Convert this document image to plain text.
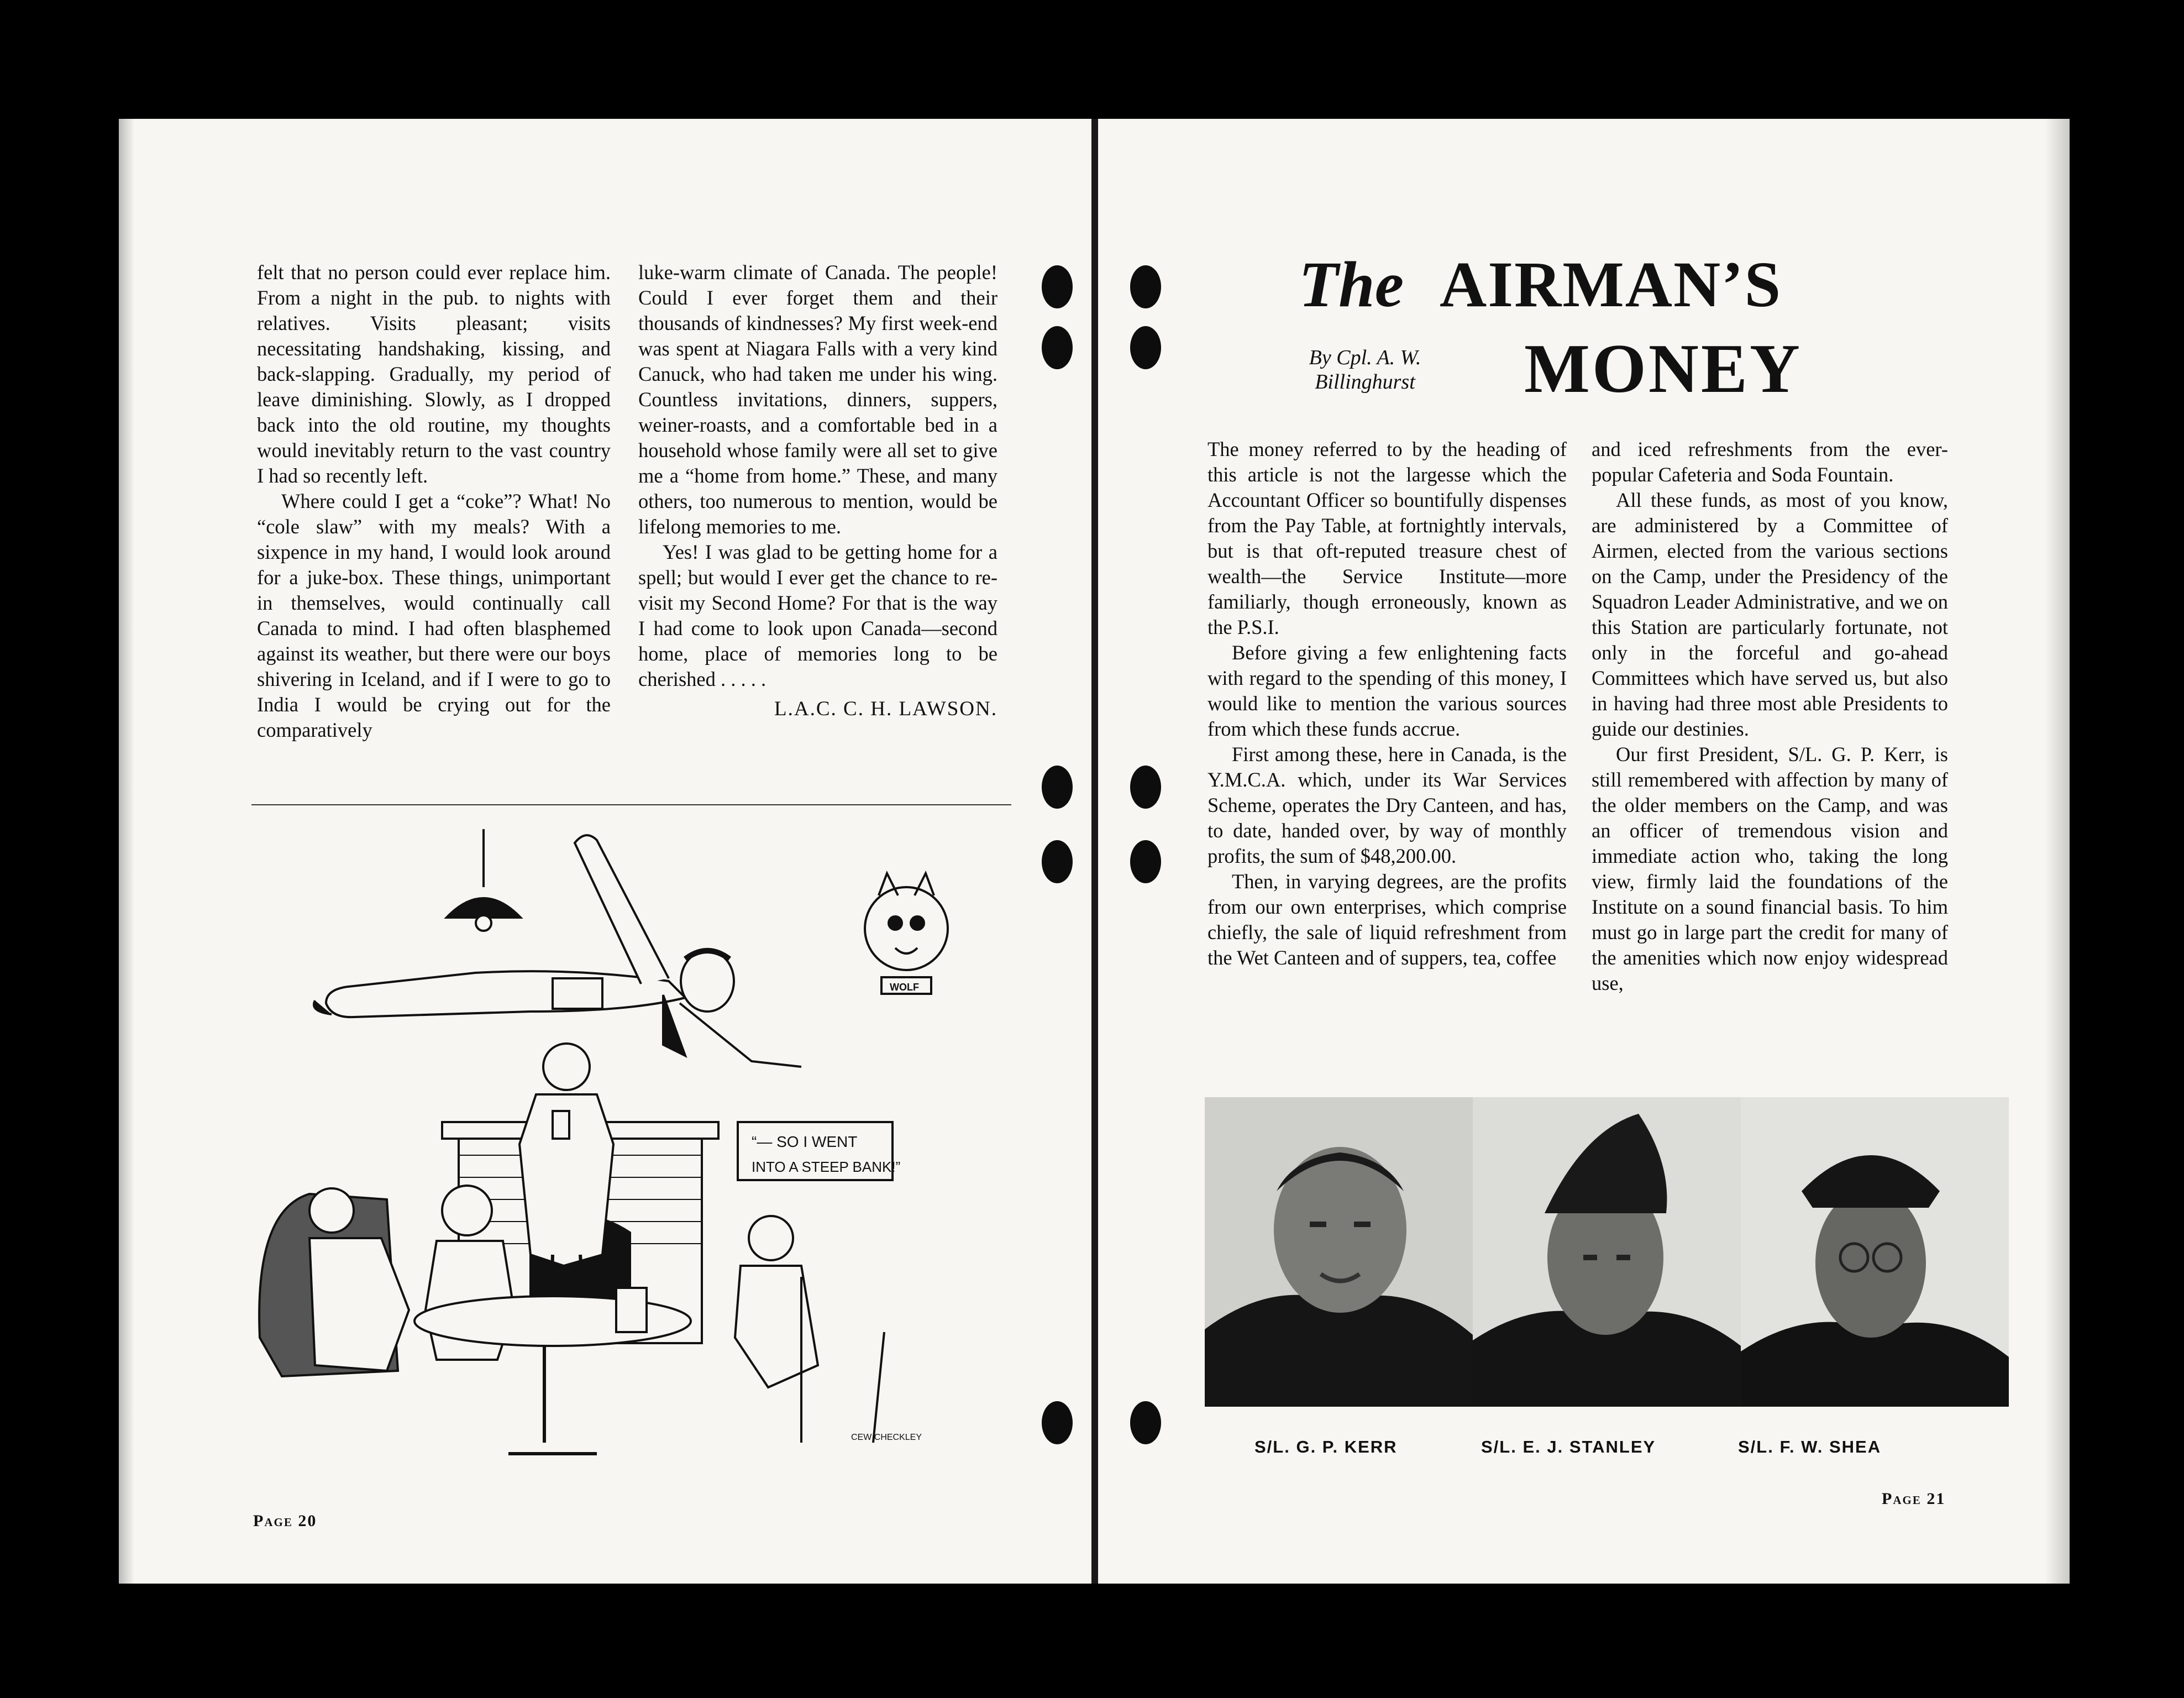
felt that no person could ever replace him. From a night in the pub. to nights with relatives. Visits pleasant; visits necessitating handshaking, kissing, and back-slapping. Gradually, my period of leave diminishing. Slowly, as I dropped back into the old routine, my thoughts would inevitably return to the vast country I had so recently left.

Where could I get a “coke”? What! No “cole slaw” with my meals? With a sixpence in my hand, I would look around for a juke-box. These things, unimportant in themselves, would continually call Canada to mind. I had often blasphemed against its weather, but there were our boys shivering in Iceland, and if I were to go to India I would be crying out for the comparatively

luke-warm climate of Canada. The people! Could I ever forget them and their thousands of kindnesses? My first week-end was spent at Niagara Falls with a very kind Canuck, who had taken me under his wing. Countless invitations, dinners, suppers, weiner-roasts, and a comfortable bed in a household whose family were all set to give me a “home from home.” These, and many others, too numerous to mention, would be lifelong memories to me.

Yes! I was glad to be getting home for a spell; but would I ever get the chance to re-visit my Second Home? For that is the way I had come to look upon Canada—second home, place of memories long to be cherished . . . . .

L.A.C. C. H. LAWSON.
“— SO I WENT
INTO A STEEP BANK!”
WOLF
CEW CHECKLEY
Page 20
The AIRMAN’S
MONEY
By Cpl. A. W.
Billinghurst

The money referred to by the heading of this article is not the largesse which the Accountant Officer so bountifully dispenses from the Pay Table, at fortnightly intervals, but is that oft-reputed treasure chest of wealth—the Service Institute—more familiarly, though erroneously, known as the P.S.I.

Before giving a few enlightening facts with regard to the spending of this money, I would like to mention the various sources from which these funds accrue.

First among these, here in Canada, is the Y.M.C.A. which, under its War Services Scheme, operates the Dry Canteen, and has, to date, handed over, by way of monthly profits, the sum of $48,200.00.

Then, in varying degrees, are the profits from our own enterprises, which comprise chiefly, the sale of liquid refreshment from the Wet Canteen and of suppers, tea, coffee

and iced refreshments from the ever-popular Cafeteria and Soda Fountain.

All these funds, as most of you know, are administered by a Committee of Airmen, elected from the various sections on the Camp, under the Presidency of the Squadron Leader Administrative, and we on this Station are particularly fortunate, not only in the forceful and go-ahead Committees which have served us, but also in having had three most able Presidents to guide our destinies.

Our first President, S/L. G. P. Kerr, is still remembered with affection by many of the older members on the Camp, and was an officer of tremendous vision and immediate action who, taking the long view, firmly laid the foundations of the Institute on a sound financial basis. To him must go in large part the credit for many of the amenities which now enjoy widespread use,

S/L. G. P. KERR	S/L. E. J. STANLEY	S/L. F. W. SHEA
Page 21
